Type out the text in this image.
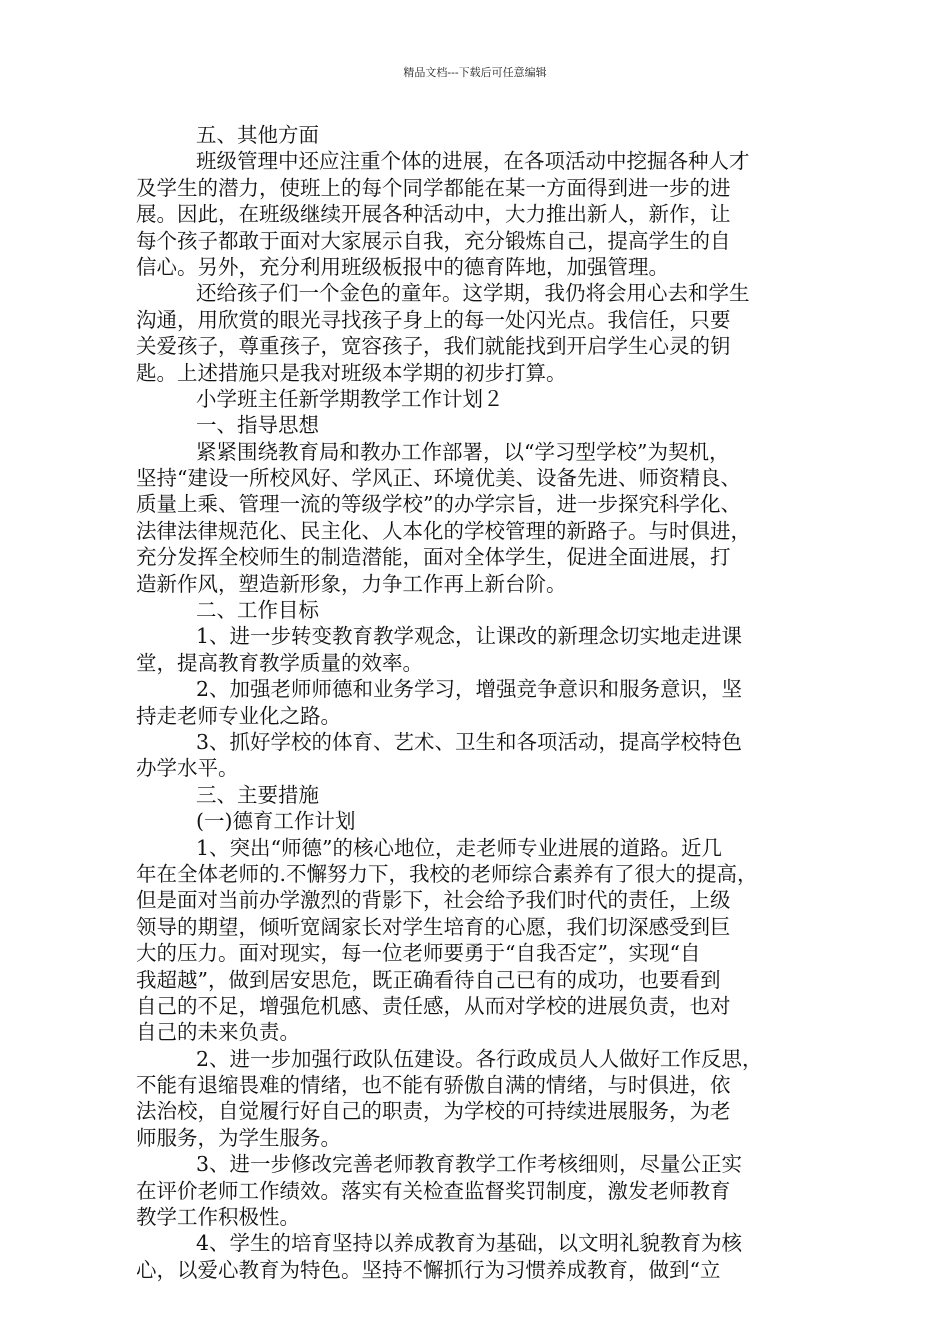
精品文档---下载后可任意编辑
五、其他方面
班级管理中还应注重个体的进展，在各项活动中挖掘各种人才
及学生的潜力，使班上的每个同学都能在某一方面得到进一步的进
展。因此，在班级继续开展各种活动中，大力推出新人，新作，让
每个孩子都敢于面对大家展示自我，充分锻炼自己，提高学生的自
信心。另外，充分利用班级板报中的德育阵地，加强管理。
还给孩子们一个金色的童年。这学期，我仍将会用心去和学生
沟通，用欣赏的眼光寻找孩子身上的每一处闪光点。我信任，只要
关爱孩子，尊重孩子，宽容孩子，我们就能找到开启学生心灵的钥
匙。上述措施只是我对班级本学期的初步打算。
小学班主任新学期教学工作计划２
一、指导思想
紧紧围绕教育局和教办工作部署，以“学习型学校”为契机，
坚持“建设一所校风好、学风正、环境优美、设备先进、师资精良、
质量上乘、管理一流的等级学校”的办学宗旨，进一步探究科学化、
法律法律规范化、民主化、人本化的学校管理的新路子。与时俱进，
充分发挥全校师生的制造潜能，面对全体学生，促进全面进展，打
造新作风，塑造新形象，力争工作再上新台阶。
二、工作目标
1、进一步转变教育教学观念，让课改的新理念切实地走进课
堂，提高教育教学质量的效率。
2、加强老师师德和业务学习，增强竞争意识和服务意识，坚
持走老师专业化之路。
3、抓好学校的体育、艺术、卫生和各项活动，提高学校特色
办学水平。
三、主要措施
(一)德育工作计划
1、突出“师德”的核心地位，走老师专业进展的道路。近几
年在全体老师的.不懈努力下，我校的老师综合素养有了很大的提高，
但是面对当前办学激烈的背影下，社会给予我们时代的责任，上级
领导的期望，倾听宽阔家长对学生培育的心愿，我们切深感受到巨
大的压力。面对现实，每一位老师要勇于“自我否定”，实现“自
我超越”，做到居安思危，既正确看待自己已有的成功，也要看到
自己的不足，增强危机感、责任感，从而对学校的进展负责，也对
自己的未来负责。
2、进一步加强行政队伍建设。各行政成员人人做好工作反思，
不能有退缩畏难的情绪，也不能有骄傲自满的情绪，与时俱进，依
法治校，自觉履行好自己的职责，为学校的可持续进展服务，为老
师服务，为学生服务。
3、进一步修改完善老师教育教学工作考核细则，尽量公正实
在评价老师工作绩效。落实有关检查监督奖罚制度，激发老师教育
教学工作积极性。
4、学生的培育坚持以养成教育为基础，以文明礼貌教育为核
心，以爱心教育为特色。坚持不懈抓行为习惯养成教育，做到“立
